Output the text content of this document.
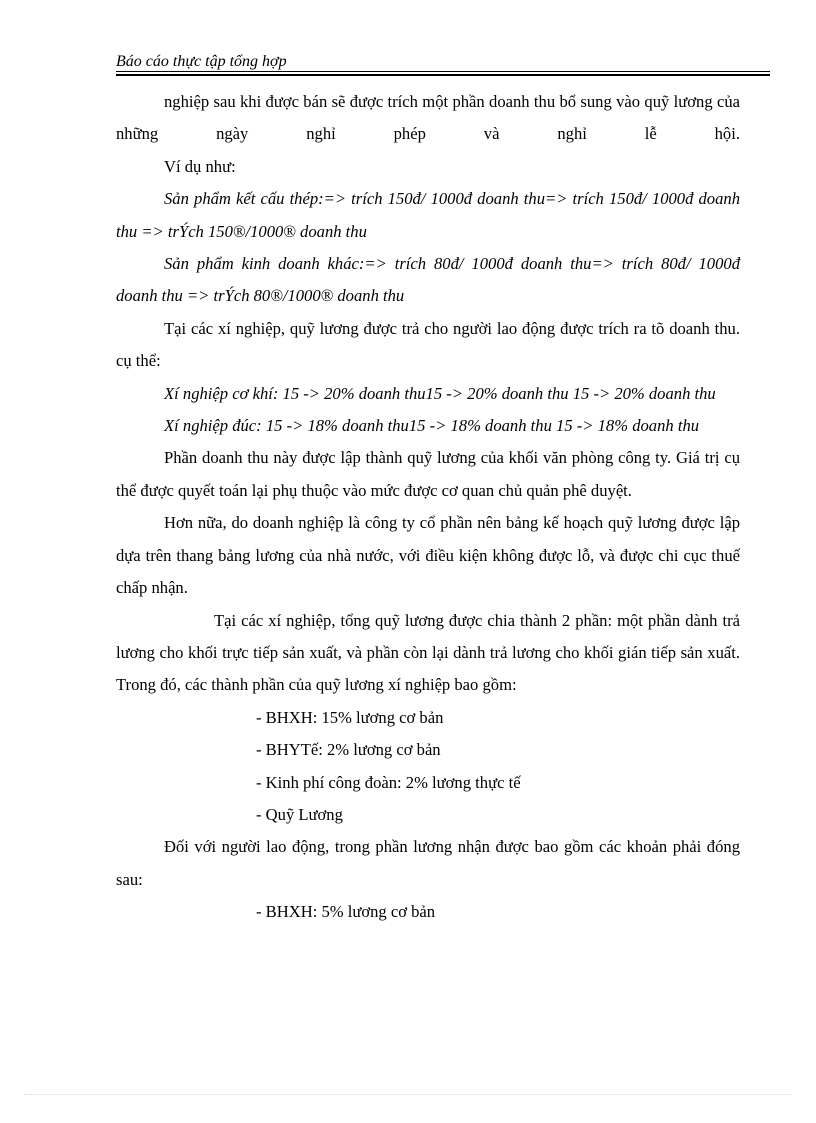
Báo cáo thực tập tổng hợp

nghiệp sau khi được bán sẽ được trích một phần doanh thu bổ sung vào quỹ lương của những ngày nghỉ phép và nghỉ lễ hội.

Ví dụ như:

Sản phẩm kết cấu thép:=> trích 150đ/ 1000đ doanh thu=> trích 150đ/ 1000đ doanh thu => trÝch 150®/1000® doanh thu

Sản phẩm kinh doanh khác:=> trích 80đ/ 1000đ doanh thu=> trích 80đ/ 1000đ doanh thu => trÝch 80®/1000® doanh thu

Tại các xí nghiệp, quỹ lương được trả cho người lao động được trích ra tõ doanh thu. cụ thể:

Xí nghiệp cơ khí: 15 -> 20% doanh thu15 -> 20% doanh thu 15 -> 20% doanh thu

Xí nghiệp đúc: 15 -> 18% doanh thu15 -> 18% doanh thu 15 -> 18% doanh thu

Phần doanh thu này được lập thành quỹ lương của khối văn phòng công ty. Giá trị cụ thể được quyết toán lại phụ thuộc vào mức được cơ quan chủ quản phê duyệt.

Hơn nữa, do doanh nghiệp là công ty cổ phần nên bảng kế hoạch quỹ lương được lập dựa trên thang bảng lương của nhà nước, với điều kiện không được lỗ, và được chi cục thuế chấp nhận.

Tại các xí nghiệp, tổng quỹ lương được chia thành 2 phần: một phần dành trả lương cho khối trực tiếp sản xuất, và phần còn lại dành trả lương cho khối gián tiếp sản xuất. Trong đó, các thành phần của quỹ lương xí nghiệp bao gồm:

- BHXH: 15% lương cơ bản

- BHYTế: 2% lương cơ bản

- Kinh phí công đoàn: 2% lương thực tế

- Quỹ Lương

Đối với người lao động, trong phần lương nhận được bao gồm các khoản phải đóng sau:

- BHXH: 5% lương cơ bản
